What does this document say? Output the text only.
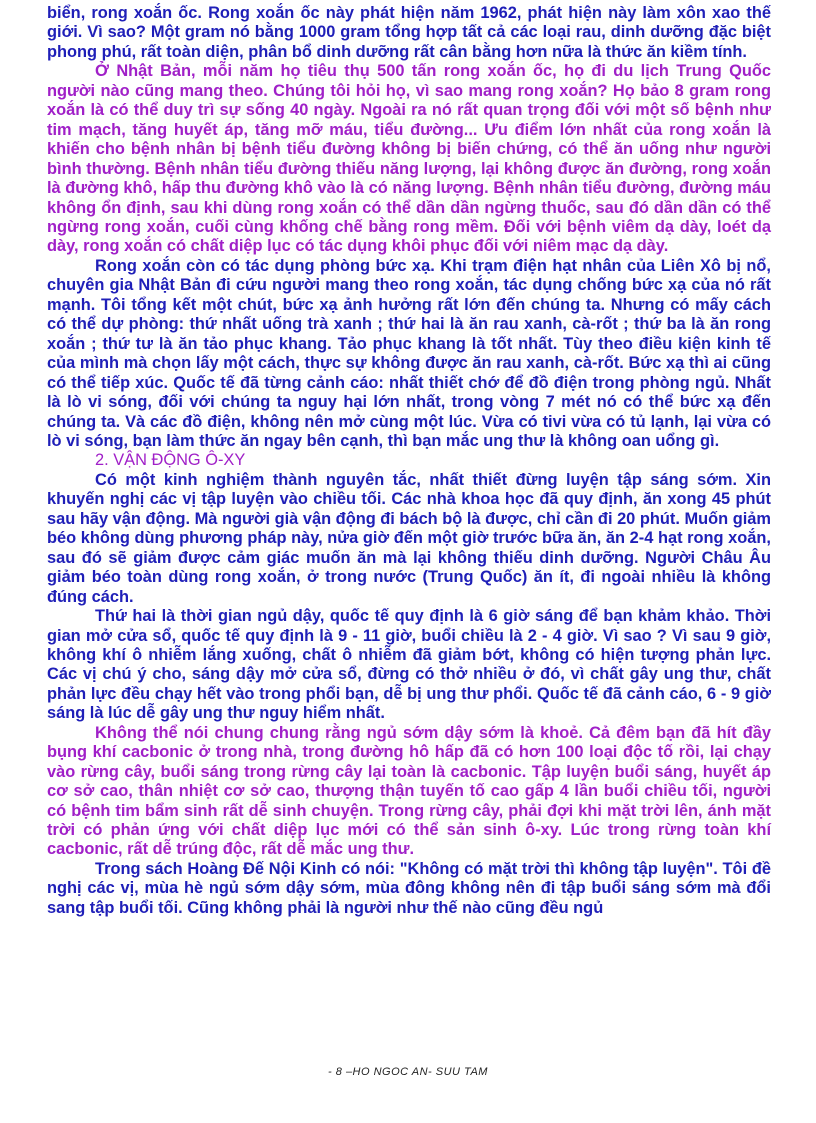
biển, rong xoắn ốc. Rong xoắn ốc này phát hiện năm 1962, phát hiện này làm xôn xao thế giới. Vì sao? Một gram nó bằng 1000 gram tổng hợp tất cả các loại rau, dinh dưỡng đặc biệt phong phú, rất toàn diện, phân bổ dinh dưỡng rất cân bằng hơn nữa là thức ăn kiềm tính.

Ở Nhật Bản, mỗi năm họ tiêu thụ 500 tấn rong xoắn ốc, họ đi du lịch Trung Quốc người nào cũng mang theo. Chúng tôi hỏi họ, vì sao mang rong xoắn? Họ bảo 8 gram rong xoắn là có thể duy trì sự sống 40 ngày. Ngoài ra nó rất quan trọng đối với một số bệnh như tim mạch, tăng huyết áp, tăng mỡ máu, tiểu đường... Ưu điểm lớn nhất của rong xoắn là khiến cho bệnh nhân bị bệnh tiểu đường không bị biến chứng, có thể ăn uống như người bình thường. Bệnh nhân tiểu đường thiếu năng lượng, lại không được ăn đường, rong xoắn là đường khô, hấp thu đường khô vào là có năng lượng. Bệnh nhân tiểu đường, đường máu không ổn định, sau khi dùng rong xoắn có thể dần dần ngừng thuốc, sau đó dần dần có thể ngừng rong xoắn, cuối cùng khống chế bằng rong mềm. Đối với bệnh viêm dạ dày, loét dạ dày, rong xoắn có chất diệp lục có tác dụng khôi phục đối với niêm mạc dạ dày.

Rong xoắn còn có tác dụng phòng bức xạ. Khi trạm điện hạt nhân của Liên Xô bị nổ, chuyên gia Nhật Bản đi cứu người mang theo rong xoắn, tác dụng chống bức xạ của nó rất mạnh. Tôi tổng kết một chút, bức xạ ảnh hưởng rất lớn đến chúng ta. Nhưng có mấy cách có thể dự phòng: thứ nhất uống trà xanh ; thứ hai là ăn rau xanh, cà-rốt ; thứ ba là ăn rong xoắn ; thứ tư là ăn tảo phục khang. Tảo phục khang là tốt nhất. Tùy theo điều kiện kinh tế của mình mà chọn lấy một cách, thực sự không được ăn rau xanh, cà-rốt. Bức xạ thì ai cũng có thể tiếp xúc. Quốc tế đã từng cảnh cáo: nhất thiết chớ để đồ điện trong phòng ngủ. Nhất là lò vi sóng, đối với chúng ta nguy hại lớn nhất, trong vòng 7 mét nó có thể bức xạ đến chúng ta. Và các đồ điện, không nên mở cùng một lúc. Vừa có tivi vừa có tủ lạnh, lại vừa có lò vi sóng, bạn làm thức ăn ngay bên cạnh, thì bạn mắc ung thư là không oan uổng gì.

2. VẬN ĐỘNG Ô-XY

Có một kinh nghiệm thành nguyên tắc, nhất thiết đừng luyện tập sáng sớm. Xin khuyến nghị các vị tập luyện vào chiều tối. Các nhà khoa học đã quy định, ăn xong 45 phút sau hãy vận động. Mà người già vận động đi bách bộ là được, chỉ cần đi 20 phút. Muốn giảm béo không dùng phương pháp này, nửa giờ đến một giờ trước bữa ăn, ăn 2-4 hạt rong xoắn, sau đó sẽ giảm được cảm giác muốn ăn mà lại không thiếu dinh dưỡng. Người Châu Âu giảm béo toàn dùng rong xoắn, ở trong nước (Trung Quốc) ăn ít, đi ngoài nhiều là không đúng cách.

Thứ hai là thời gian ngủ dậy, quốc tế quy định là 6 giờ sáng để bạn khảm khảo. Thời gian mở cửa sổ, quốc tế quy định là 9 - 11 giờ, buổi chiều là 2 - 4 giờ. Vì sao ? Vì sau 9 giờ, không khí ô nhiễm lắng xuống, chất ô nhiễm đã giảm bớt, không có hiện tượng phản lực. Các vị chú ý cho, sáng dậy mở cửa sổ, đừng có thở nhiều ở đó, vì chất gây ung thư, chất phản lực đều chạy hết vào trong phổi bạn, dễ bị ung thư phổi. Quốc tế đã cảnh cáo, 6 - 9 giờ sáng là lúc dễ gây ung thư nguy hiểm nhất.

Không thể nói chung chung rằng ngủ sớm dậy sớm là khoẻ. Cả đêm bạn đã hít đầy bụng khí cacbonic ở trong nhà, trong đường hô hấp đã có hơn 100 loại độc tố rồi, lại chạy vào rừng cây, buổi sáng trong rừng cây lại toàn là cacbonic. Tập luyện buổi sáng, huyết áp cơ sở cao, thân nhiệt cơ sở cao, thượng thận tuyến tố cao gấp 4 lần buổi chiều tối, người có bệnh tim bẩm sinh rất dễ sinh chuyện. Trong rừng cây, phải đợi khi mặt trời lên, ánh mặt trời có phản ứng với chất diệp lục mới có thể sản sinh ô-xy. Lúc trong rừng toàn khí cacbonic, rất dễ trúng độc, rất dễ mắc ung thư.

Trong sách Hoàng Đế Nội Kinh có nói: "Không có mặt trời thì không tập luyện". Tôi đề nghị các vị, mùa hè ngủ sớm dậy sớm, mùa đông không nên đi tập buổi sáng sớm mà đổi sang tập buổi tối. Cũng không phải là người như thế nào cũng đều ngủ

- 8 –HO NGOC AN- SUU TAM
